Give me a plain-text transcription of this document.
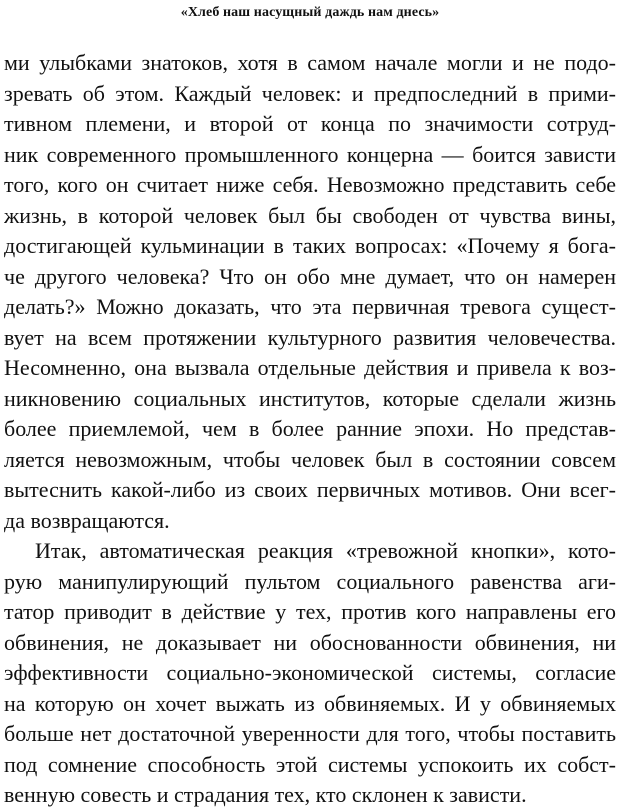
«Хлеб наш насущный даждь нам днесь»
ми улыбками знатоков, хотя в самом начале могли и не подо-
зревать об этом. Каждый человек: и предпоследний в прими-
тивном племени, и второй от конца по значимости сотруд-
ник современного промышленного концерна — боится зависти
того, кого он считает ниже себя. Невозможно представить себе
жизнь, в которой человек был бы свободен от чувства вины,
достигающей кульминации в таких вопросах: «Почему я бога-
че другого человека? Что он обо мне думает, что он намерен
делать?» Можно доказать, что эта первичная тревога сущест-
вует на всем протяжении культурного развития человечества.
Несомненно, она вызвала отдельные действия и привела к воз-
никновению социальных институтов, которые сделали жизнь
более приемлемой, чем в более ранние эпохи. Но представ-
ляется невозможным, чтобы человек был в состоянии совсем
вытеснить какой-либо из своих первичных мотивов. Они всег-
да возвращаются.
Итак, автоматическая реакция «тревожной кнопки», кото-
рую манипулирующий пультом социального равенства аги-
татор приводит в действие у тех, против кого направлены его
обвинения, не доказывает ни обоснованности обвинения, ни
эффективности социально-экономической системы, согласие
на которую он хочет выжать из обвиняемых. И у обвиняемых
больше нет достаточной уверенности для того, чтобы поставить
под сомнение способность этой системы успокоить их собст-
венную совесть и страдания тех, кто склонен к зависти.
